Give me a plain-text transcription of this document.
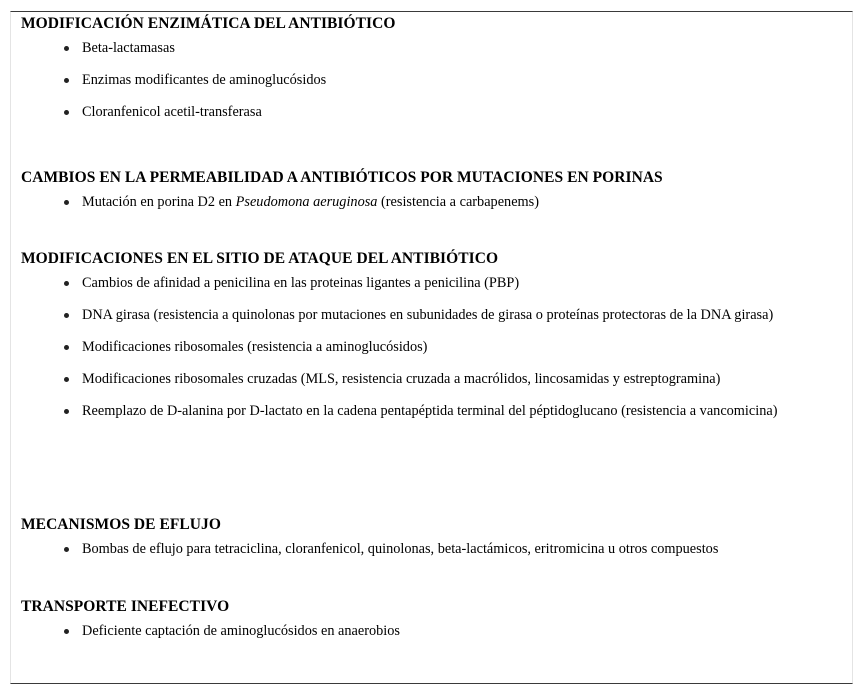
MODIFICACIÓN ENZIMÁTICA DEL ANTIBIÓTICO
Beta-lactamasas
Enzimas modificantes de aminoglucósidos
Cloranfenicol acetil-transferasa
CAMBIOS EN LA PERMEABILIDAD A ANTIBIÓTICOS POR MUTACIONES EN PORINAS
Mutación en porina D2 en Pseudomona aeruginosa (resistencia a carbapenems)
MODIFICACIONES EN EL SITIO DE ATAQUE DEL ANTIBIÓTICO
Cambios de afinidad a penicilina en las proteinas ligantes a penicilina (PBP)
DNA girasa (resistencia a quinolonas por mutaciones en subunidades de girasa o proteínas protectoras de la DNA girasa)
Modificaciones ribosomales (resistencia a aminoglucósidos)
Modificaciones ribosomales cruzadas (MLS, resistencia cruzada a macrólidos, lincosamidas y estreptogramina)
Reemplazo de D-alanina por D-lactato en la cadena pentapéptida terminal del péptidoglucano (resistencia a vancomicina)
MECANISMOS DE EFLUJO
Bombas de eflujo para tetraciclina, cloranfenicol, quinolonas, beta-lactámicos, eritromicina u otros compuestos
TRANSPORTE INEFECTIVO
Deficiente captación de aminoglucósidos en anaerobios
